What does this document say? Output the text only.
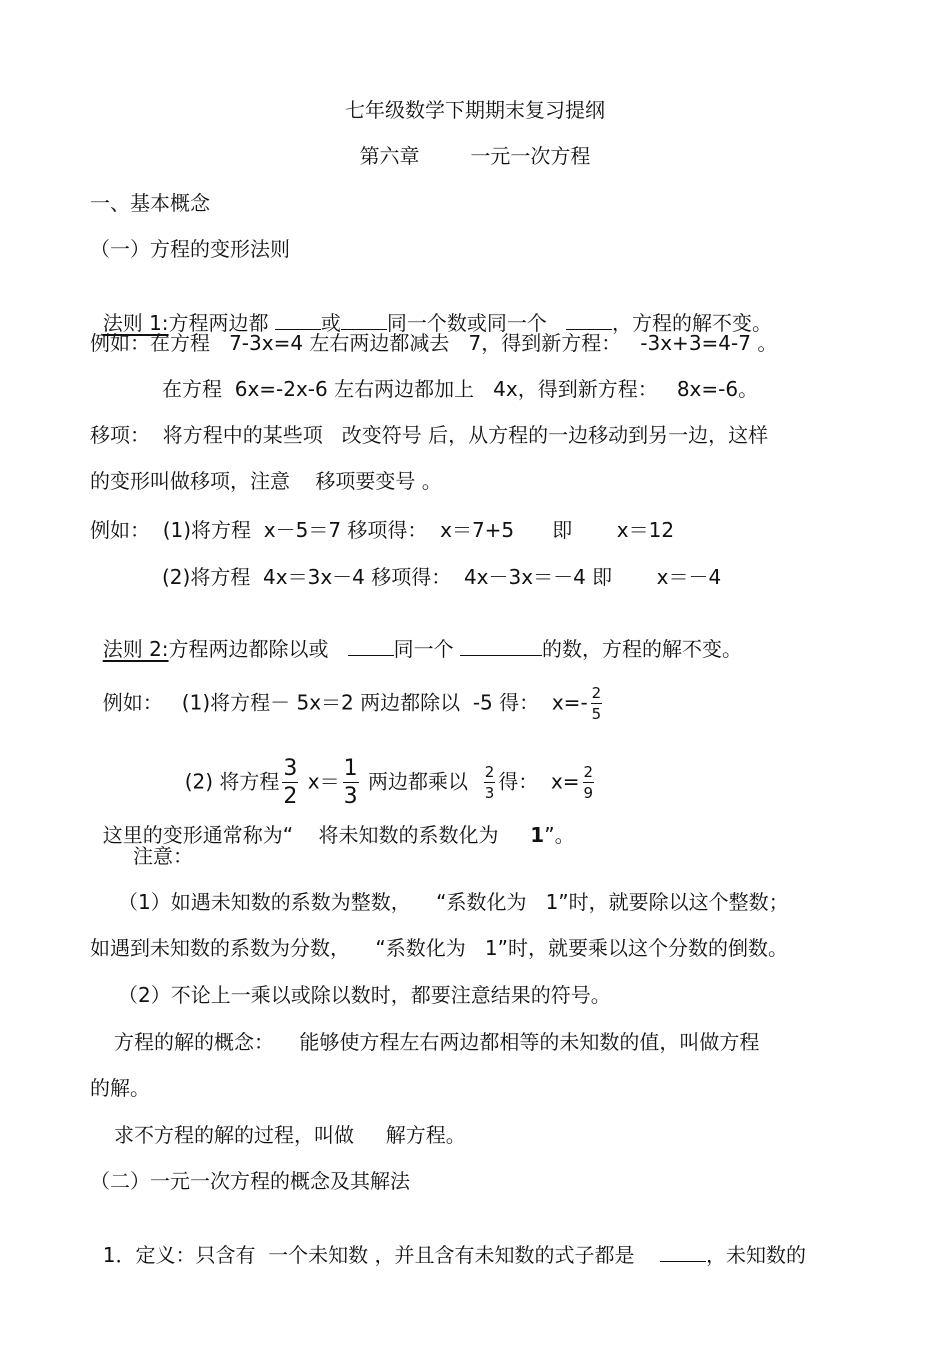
七年级数学下期期末复习提纲
第六章        一元一次方程
一、基本概念
（一）方程的变形法则

法则 1:方程两边都 或 同一个数或同一个   ，方程的解不变。

例如：在方程   7-3x=4 左右两边都减去   7，得到新方程：   -3x+3=4-7 。
在方程  6x=-2x-6 左右两边都加上   4x，得到新方程：   8x=-6。
移项：  将方程中的某些项   改变符号 后，从方程的一边移动到另一边，这样
的变形叫做移项，注意    移项要变号 。
例如：  (1)将方程  x－5＝7 移项得：  x＝7+5      即       x＝12
(2)将方程  4x＝3x－4 移项得：  4x－3x＝－4 即       x＝－4

法则 2:方程两边都除以或   同一个	的数，方程的解不变。

例如：   (1)将方程－ 5x＝2 两边都除以  -5 得：  $x=- \frac{2}{5}$

(2) 将方程 $\frac{3}{2} x= \frac{1}{3}$ 两边都乘以 $\frac{2}{3}$ 得：  $x= \frac{2}{9}$

这里的变形通常称为“    将未知数的系数化为     1”。

注意：
（1）如遇未知数的系数为整数，    “系数化为   1”时，就要除以这个整数；
如遇到未知数的系数为分数，    “系数化为   1”时，就要乘以这个分数的倒数。
（2）不论上一乘以或除以数时，都要注意结果的符号。
方程的解的概念：    能够使方程左右两边都相等的未知数的值，叫做方程
的解。
求不方程的解的过程，叫做     解方程。
（二）一元一次方程的概念及其解法

1．定义：只含有  一个未知数 ，并且含有未知数的式子都是    ，未知数的
